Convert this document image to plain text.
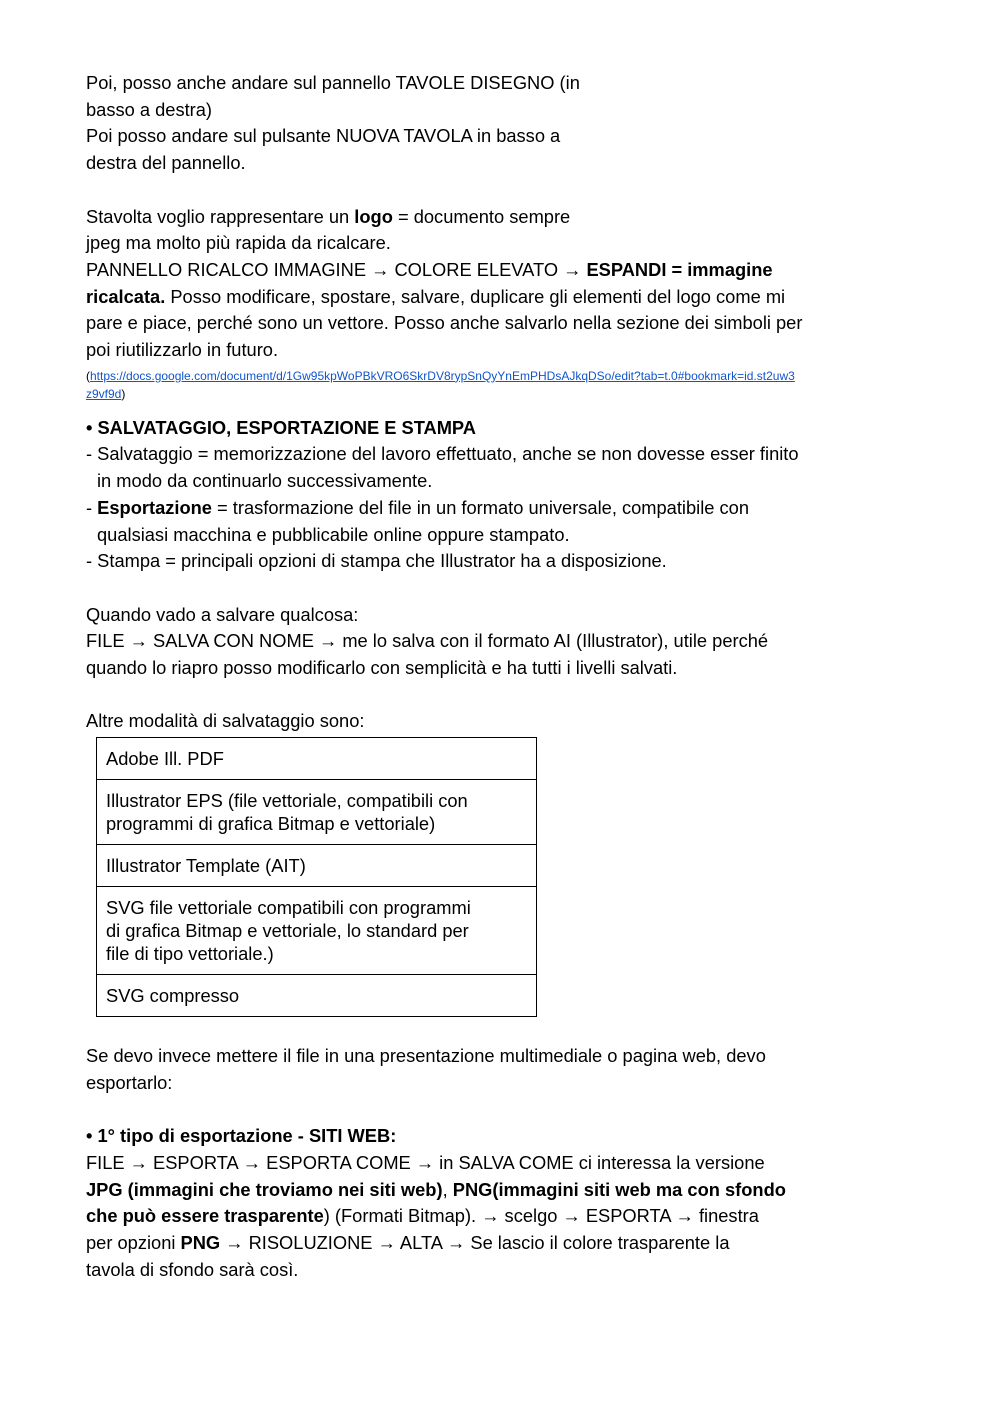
Poi, posso anche andare sul pannello TAVOLE DISEGNO (in

basso a destra)

Poi posso andare sul pulsante NUOVA TAVOLA in basso a

destra del pannello.

Stavolta voglio rappresentare un logo = documento sempre

jpeg ma molto più rapida da ricalcare.

PANNELLO RICALCO IMMAGINE → COLORE ELEVATO → ESPANDI = immagine

ricalcata. Posso modificare, spostare, salvare, duplicare gli elementi del logo come mi

pare e piace, perché sono un vettore. Posso anche salvarlo nella sezione dei simboli per

poi riutilizzarlo in futuro.

(https://docs.google.com/document/d/1Gw95kpWoPBkVRO6SkrDV8rypSnQyYnEmPHDsAJkqDSo/edit?tab=t.0#bookmark=id.st2uw3
z9vf9d)

• SALVATAGGIO, ESPORTAZIONE E STAMPA

- Salvataggio = memorizzazione del lavoro effettuato, anche se non dovesse esser finito

in modo da continuarlo successivamente.

- Esportazione = trasformazione del file in un formato universale, compatibile con

qualsiasi macchina e pubblicabile online oppure stampato.

- Stampa = principali opzioni di stampa che Illustrator ha a disposizione.

Quando vado a salvare qualcosa:

FILE → SALVA CON NOME → me lo salva con il formato AI (Illustrator), utile perché

quando lo riapro posso modificarlo con semplicità e ha tutti i livelli salvati.

Altre modalità di salvataggio sono:

Adobe Ill. PDF
Illustrator EPS (file vettoriale, compatibili con
programmi di grafica Bitmap e vettoriale)
Illustrator Template (AIT)
SVG file vettoriale compatibili con programmi
di grafica Bitmap e vettoriale, lo standard per
file di tipo vettoriale.)
SVG compresso

Se devo invece mettere il file in una presentazione multimediale o pagina web, devo

esportarlo:

• 1° tipo di esportazione - SITI WEB:

FILE → ESPORTA → ESPORTA COME → in SALVA COME ci interessa la versione

JPG (immagini che troviamo nei siti web), PNG(immagini siti web ma con sfondo

che può essere trasparente) (Formati Bitmap). → scelgo → ESPORTA → finestra

per opzioni PNG → RISOLUZIONE → ALTA → Se lascio il colore trasparente la

tavola di sfondo sarà così.
